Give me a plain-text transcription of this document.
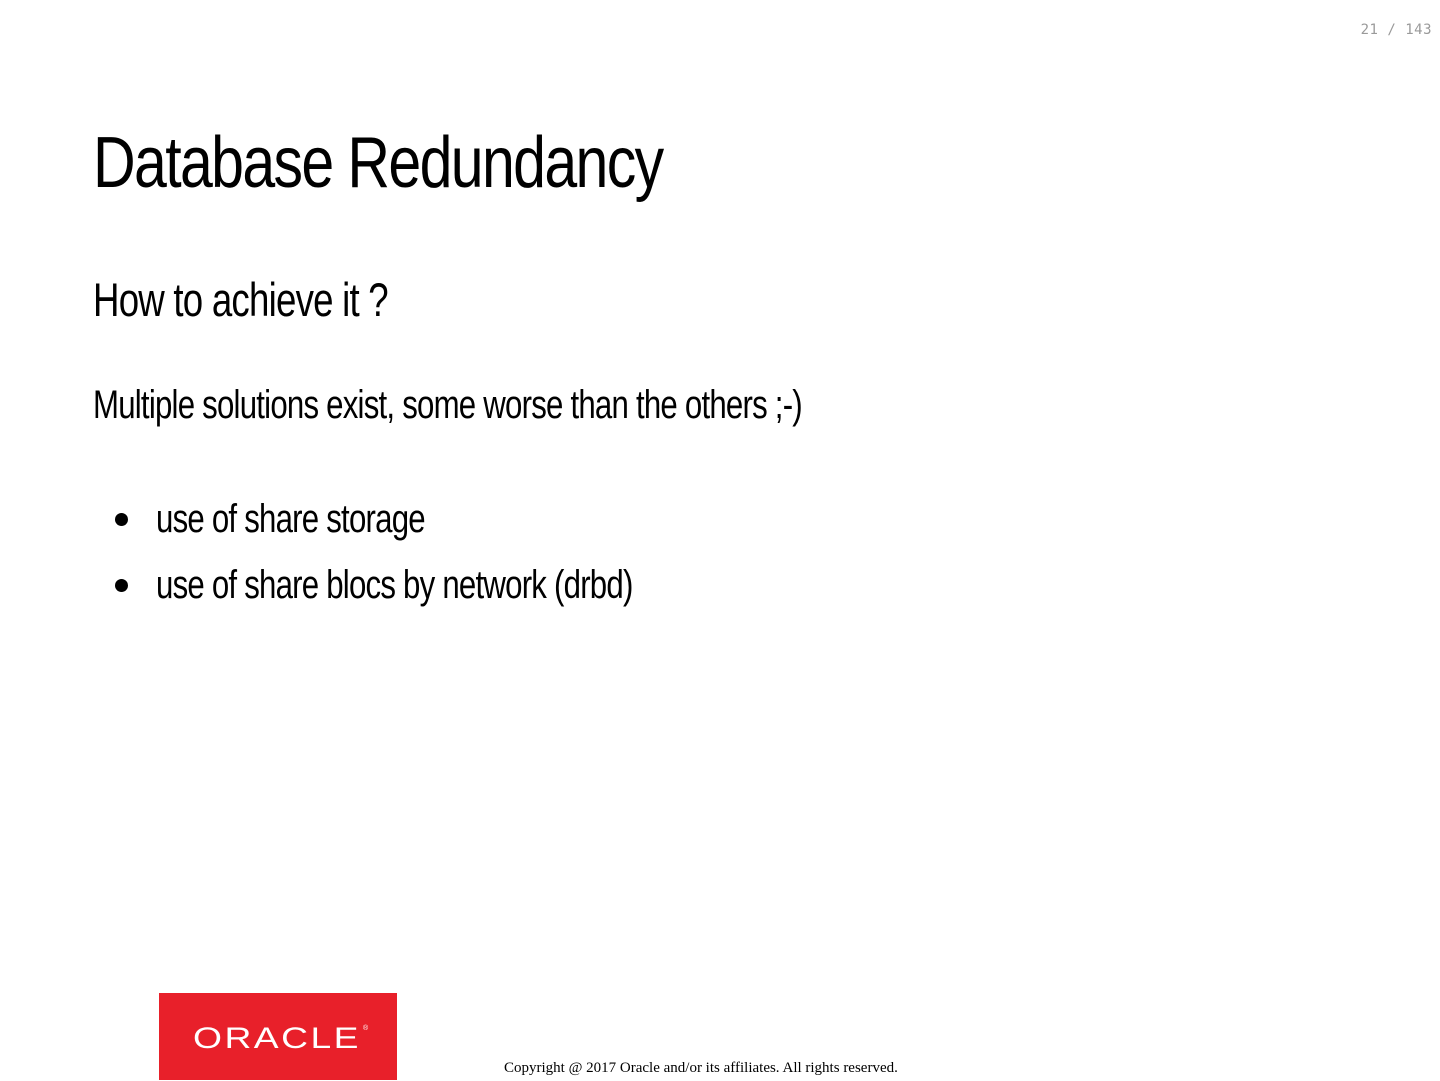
21 / 143
Database Redundancy
How to achieve it ?

Multiple solutions exist, some worse than the others ;-)

use of share storage
use of share blocs by network (drbd)
ORACLE ®
Copyright @ 2017 Oracle and/or its affiliates. All rights reserved.
